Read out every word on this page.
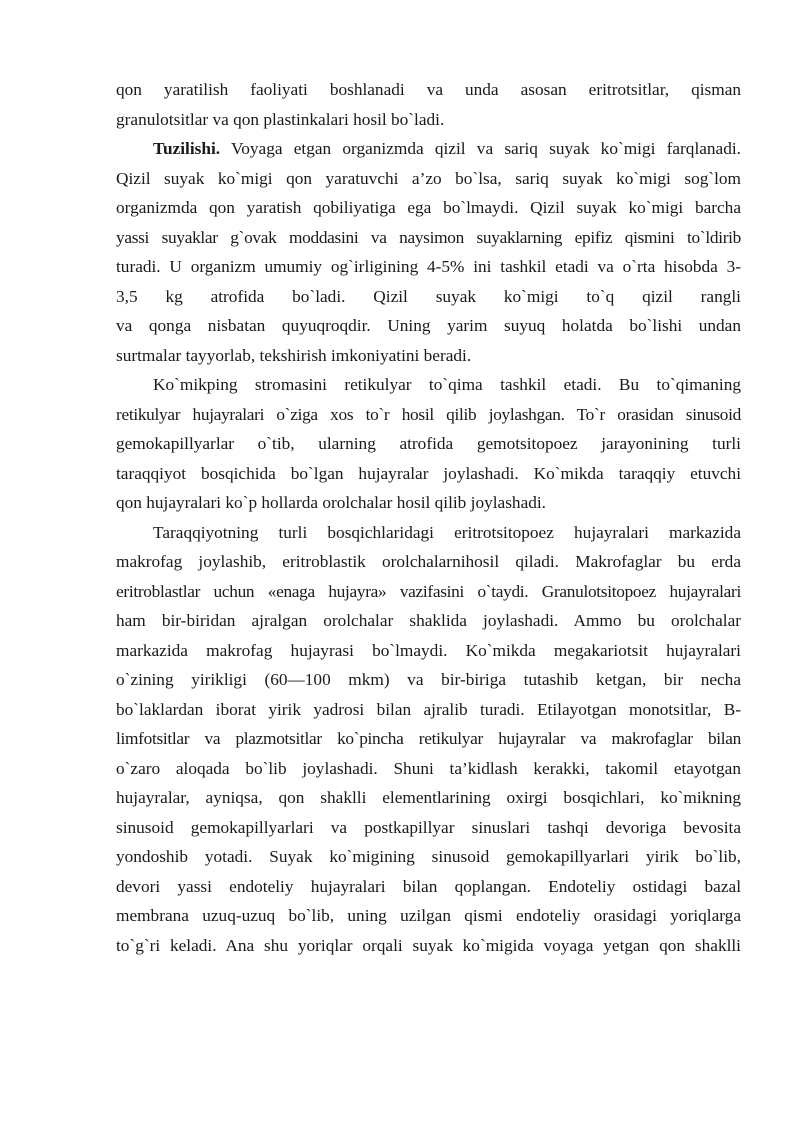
qon yaratilish faoliyati boshlanadi va unda asosan eritrotsitlar, qisman
granulotsitlar va qon plastinkalari hosil bo`ladi.
Tuzilishi. Voyaga etgan organizmda qizil va sariq suyak ko`migi farqlanadi.
Qizil suyak ko`migi qon yaratuvchi a’zo bo`lsa, sariq suyak ko`migi sog`lom
organizmda qon yaratish qobiliyatiga ega bo`lmaydi. Qizil suyak ko`migi barcha
yassi suyaklar g`ovak moddasini va naysimon suyaklarning epifiz qismini to`ldirib
turadi. U organizm umumiy og`irligining 4-5% ini tashkil etadi va o`rta hisobda 3-
3,5 kg atrofida bo`ladi. Qizil suyak ko`migi to`q qizil rangli
va qonga nisbatan quyuqroqdir. Uning yarim suyuq holatda bo`lishi undan
surtmalar tayyorlab, tekshirish imkoniyatini beradi.
Ko`mikping stromasini retikulyar to`qima tashkil etadi. Bu to`qimaning
retikulyar hujayralari o`ziga xos to`r hosil qilib joylashgan. To`r orasidan sinusoid
gemokapillyarlar o`tib, ularning atrofida gemotsitopoez jarayonining turli
taraqqiyot bosqichida bo`lgan hujayralar joylashadi. Ko`mikda taraqqiy etuvchi
qon hujayralari ko`p hollarda orolchalar hosil qilib joylashadi.
Taraqqiyotning turli bosqichlaridagi eritrotsitopoez hujayralari markazida
makrofag joylashib, eritroblastik orolchalarnihosil qiladi. Makrofaglar bu erda
eritroblastlar uchun «enaga hujayra» vazifasini o`taydi. Granulotsitopoez hujayralari
ham bir-biridan ajralgan orolchalar shaklida joylashadi. Ammo bu orolchalar
markazida makrofag hujayrasi bo`lmaydi. Ko`mikda megakariotsit hujayralari
o`zining yirikligi (60—100 mkm) va bir-biriga tutashib ketgan, bir necha
bo`laklardan iborat yirik yadrosi bilan ajralib turadi. Etilayotgan monotsitlar, B-
limfotsitlar va plazmotsitlar ko`pincha retikulyar hujayralar va makrofaglar bilan
o`zaro aloqada bo`lib joylashadi. Shuni ta’kidlash kerakki, takomil etayotgan
hujayralar, ayniqsa, qon shaklli elementlarining oxirgi bosqichlari, ko`mikning
sinusoid gemokapillyarlari va postkapillyar sinuslari tashqi devoriga bevosita
yondoshib yotadi. Suyak ko`migining sinusoid gemokapillyarlari yirik bo`lib,
devori yassi endoteliy hujayralari bilan qoplangan. Endoteliy ostidagi bazal
membrana uzuq-uzuq bo`lib, uning uzilgan qismi endoteliy orasidagi yoriqlarga
to`g`ri keladi. Ana shu yoriqlar orqali suyak ko`migida voyaga yetgan qon shaklli
